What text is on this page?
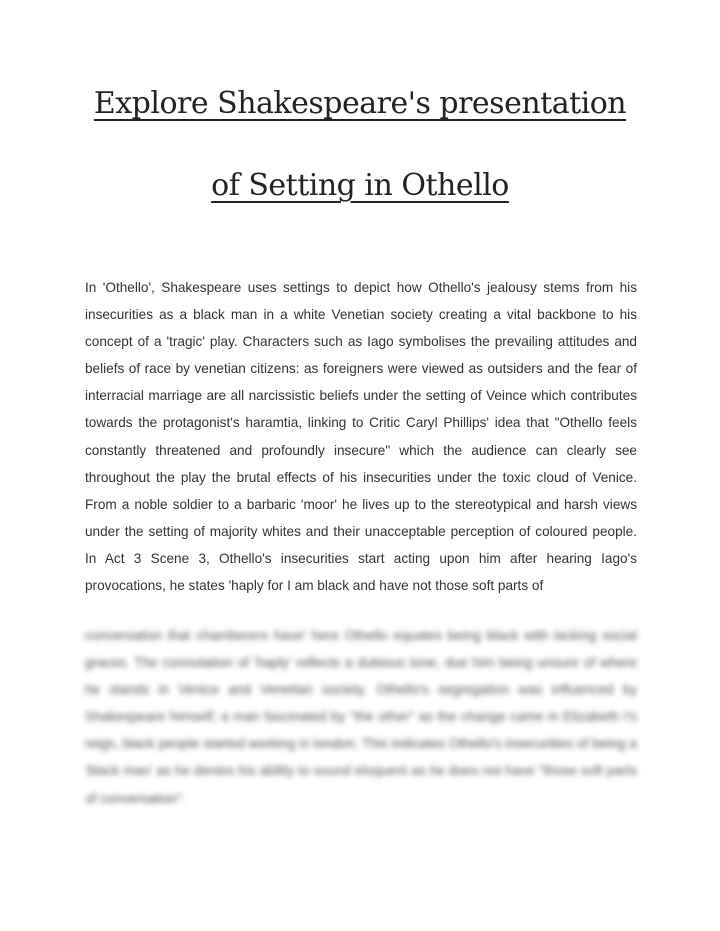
Explore Shakespeare's presentation
of Setting in Othello
In 'Othello', Shakespeare uses settings to depict how Othello's jealousy stems from his insecurities as a black man in a white Venetian society creating a vital backbone to his concept of a 'tragic' play. Characters such as Iago symbolises the prevailing attitudes and beliefs of race by venetian citizens: as foreigners were viewed as outsiders and the fear of interracial marriage are all narcissistic beliefs under the setting of Veince which contributes towards the protagonist's haramtia, linking to Critic Caryl Phillips' idea that "Othello feels constantly threatened and profoundly insecure" which the audience can clearly see throughout the play the brutal effects of his insecurities under the toxic cloud of Venice. From a noble soldier to a barbaric 'moor' he lives up to the stereotypical and harsh views under the setting of majority whites and their unacceptable perception of coloured people. In Act 3 Scene 3, Othello's insecurities start acting upon him after hearing Iago's provocations, he states 'haply for I am black and have not those soft parts of
conversation that chamberers have' here Othello equates being black with lacking social graces. The connotation of 'haply' reflects a dubious tone, due him being unsure of where he stands in Venice and Venetian society. Othello's segregation was influenced by Shakespeare himself; a man fascinated by "the other" as the change came in Elizabeth I's reign, black people started working in london. This indicates Othello's insecurities of being a 'black man' as he denies his ability to sound eloquent as he does not have "those soft parts of conversation".
